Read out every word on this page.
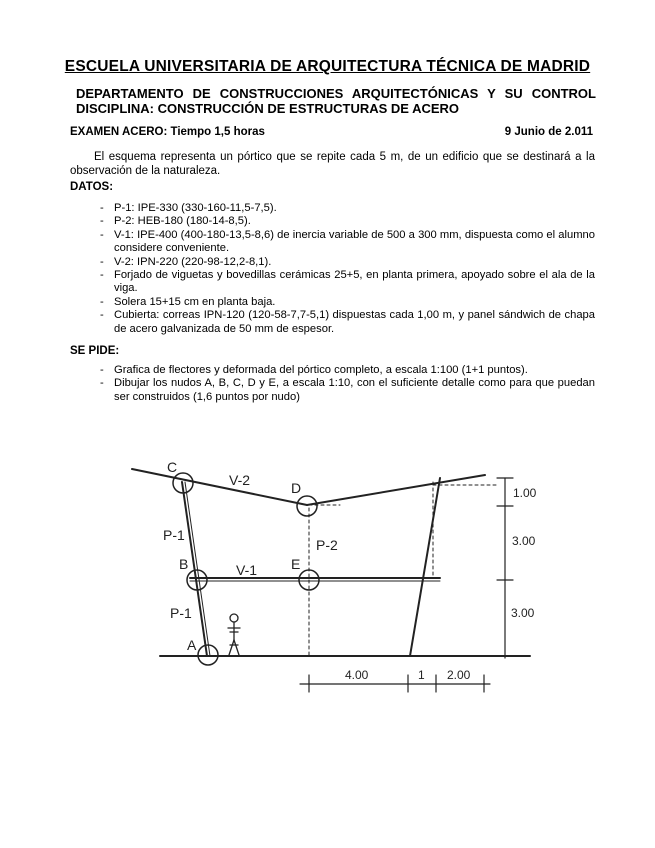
ESCUELA UNIVERSITARIA DE ARQUITECTURA TÉCNICA DE MADRID
DEPARTAMENTO DE CONSTRUCCIONES ARQUITECTÓNICAS Y SU CONTROL
DISCIPLINA: CONSTRUCCIÓN DE ESTRUCTURAS DE ACERO
EXAMEN ACERO: Tiempo 1,5 horas	9 Junio de 2.011
El esquema representa un pórtico que se repite cada 5 m, de un edificio que se destinará a la observación de la naturaleza.
DATOS:
- P-1: IPE-330 (330-160-11,5-7,5).
- P-2: HEB-180 (180-14-8,5).
- V-1: IPE-400 (400-180-13,5-8,6) de inercia variable de 500 a 300 mm, dispuesta como el alumno considere conveniente.
- V-2: IPN-220 (220-98-12,2-8,1).
- Forjado de viguetas y bovedillas cerámicas 25+5, en planta primera, apoyado sobre el ala de la viga.
- Solera 15+15 cm en planta baja.
- Cubierta: correas IPN-120 (120-58-7,7-5,1) dispuestas cada 1,00 m, y panel sándwich de chapa de acero galvanizada de 50 mm de espesor.
SE PIDE:
- Grafica de flectores y deformada del pórtico completo, a escala 1:100 (1+1 puntos).
- Dibujar los nudos A, B, C, D y E, a escala 1:10, con el suficiente detalle como para que puedan ser construidos (1,6 puntos por nudo)
C
D
B	E
A
V-2
V-1
P-1
P-1
P-2
1.00
3.00
3.00
4.00	1 2.00
